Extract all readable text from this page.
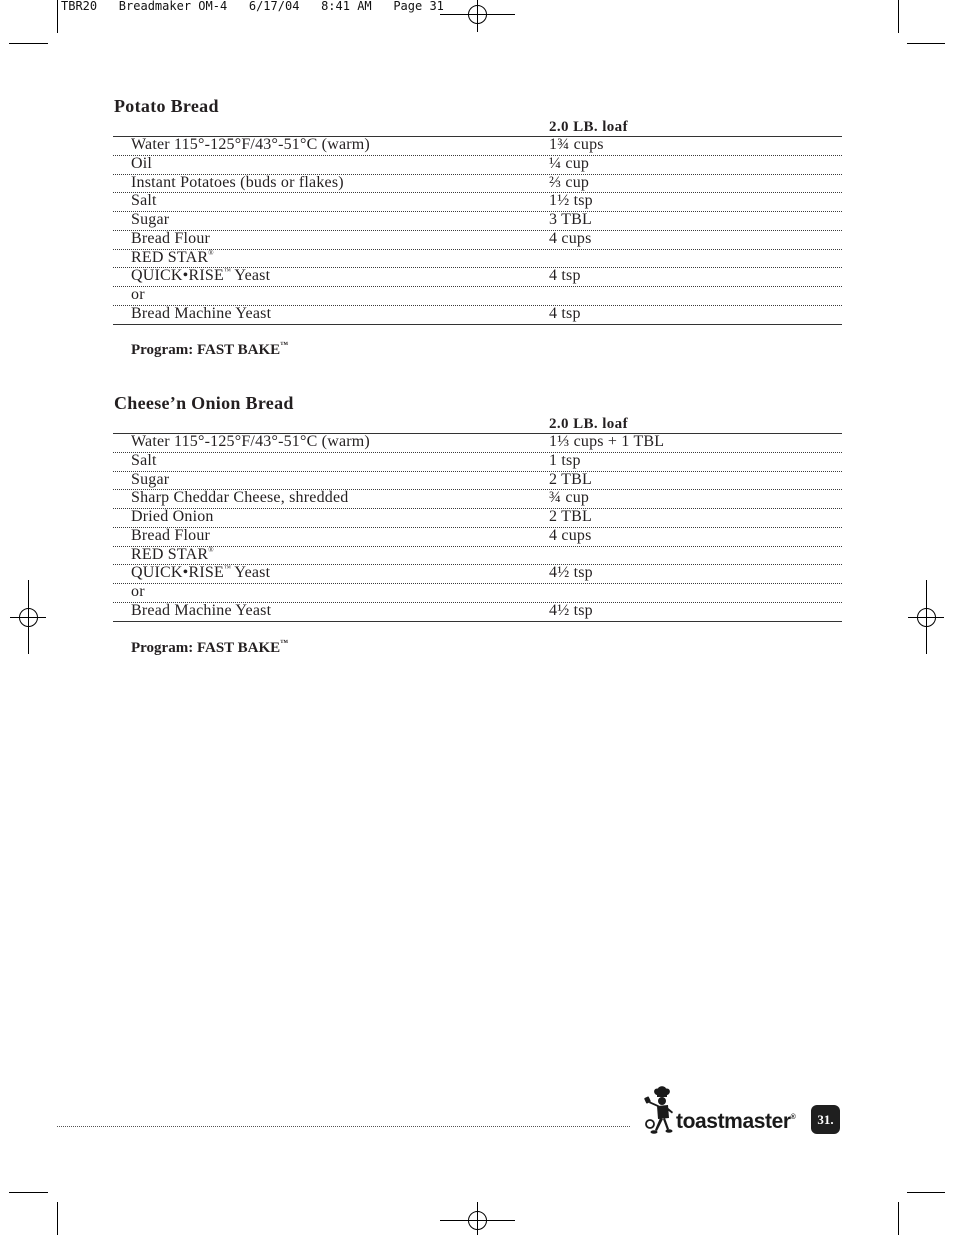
TBR20   Breadmaker OM-4   6/17/04   8:41 AM   Page 31
Potato Bread
2.0 LB. loaf
Water 115°-125°F/43°-51°C (warm)	1¾ cups
Oil	¼ cup
Instant Potatoes (buds or flakes)	⅔ cup
Salt	1½ tsp
Sugar	3 TBL
Bread Flour	4 cups
RED STAR®
QUICK•RISE™ Yeast	4 tsp
or
Bread Machine Yeast	4 tsp
Program: FAST BAKE™
Cheese’n Onion Bread
2.0 LB. loaf
Water 115°-125°F/43°-51°C (warm)	1⅓ cups + 1 TBL
Salt	1 tsp
Sugar	2 TBL
Sharp Cheddar Cheese, shredded	¾ cup
Dried Onion	2 TBL
Bread Flour	4 cups
RED STAR®
QUICK•RISE™ Yeast	4½ tsp
or
Bread Machine Yeast	4½ tsp
Program: FAST BAKE™
toastmaster® 31.
